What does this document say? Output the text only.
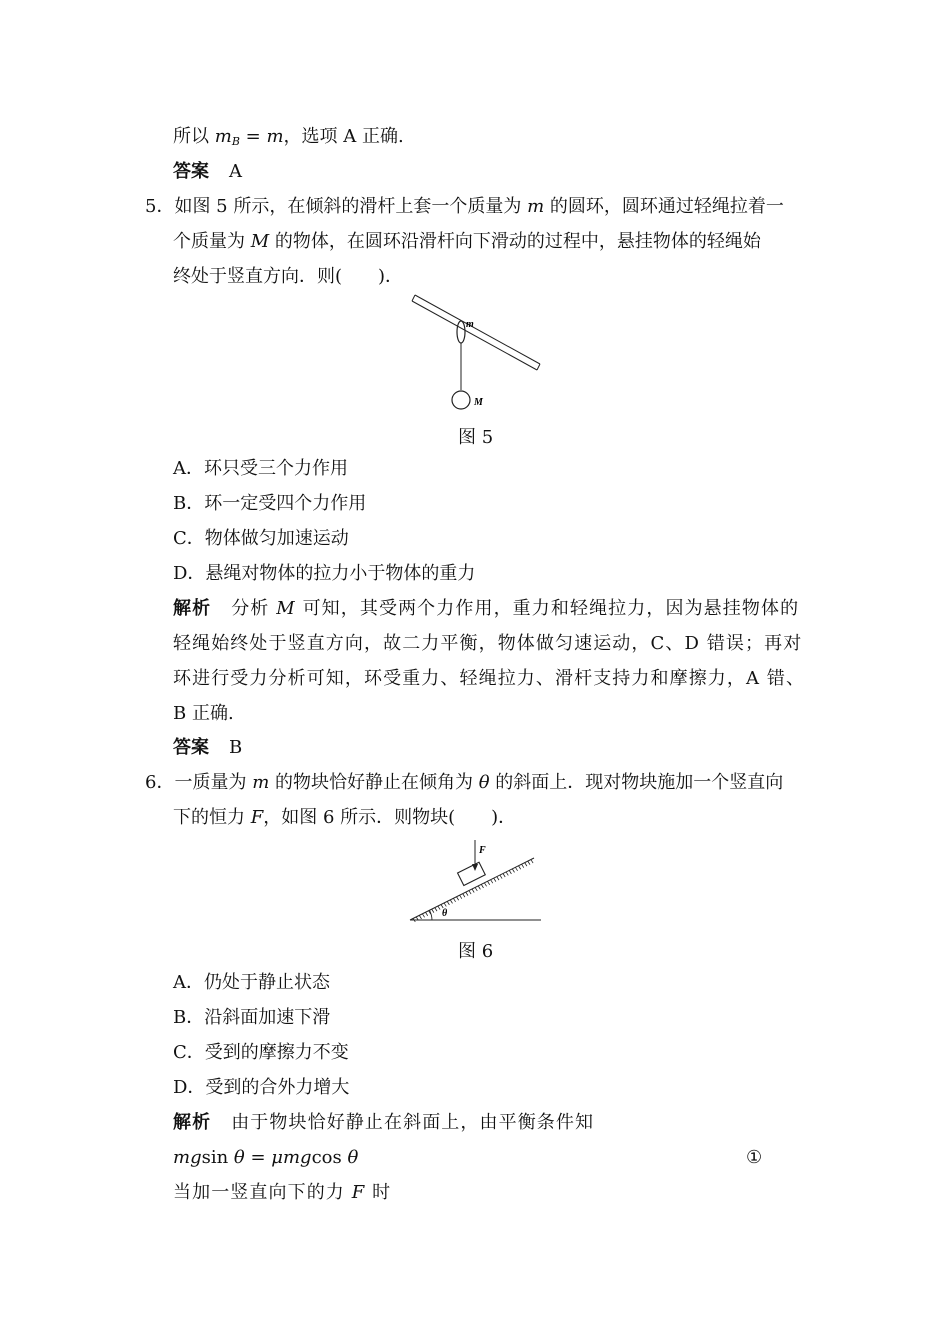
所以 $m_B = m$，选项 A 正确.
答案 A
5．如图 5 所示，在倾斜的滑杆上套一个质量为 m 的圆环，圆环通过轻绳拉着一
个质量为 M 的物体，在圆环沿滑杆向下滑动的过程中，悬挂物体的轻绳始
终处于竖直方向．则(　　)．
m
M
图 5
A．环只受三个力作用
B．环一定受四个力作用
C．物体做匀加速运动
D．悬绳对物体的拉力小于物体的重力
解析 分析 M 可知，其受两个力作用，重力和轻绳拉力，因为悬挂物体的
轻绳始终处于竖直方向，故二力平衡，物体做匀速运动，C、D 错误；再对
环进行受力分析可知，环受重力、轻绳拉力、滑杆支持力和摩擦力，A 错、
B 正确.
答案 B
6．一质量为 m 的物块恰好静止在倾角为 θ 的斜面上．现对物块施加一个竖直向
下的恒力 F，如图 6 所示．则物块(　　)．
F
θ
图 6
A．仍处于静止状态
B．沿斜面加速下滑
C．受到的摩擦力不变
D．受到的合外力增大
解析 由于物块恰好静止在斜面上，由平衡条件知
mgsin θ = μmgcos θ	①
当加一竖直向下的力 F 时
